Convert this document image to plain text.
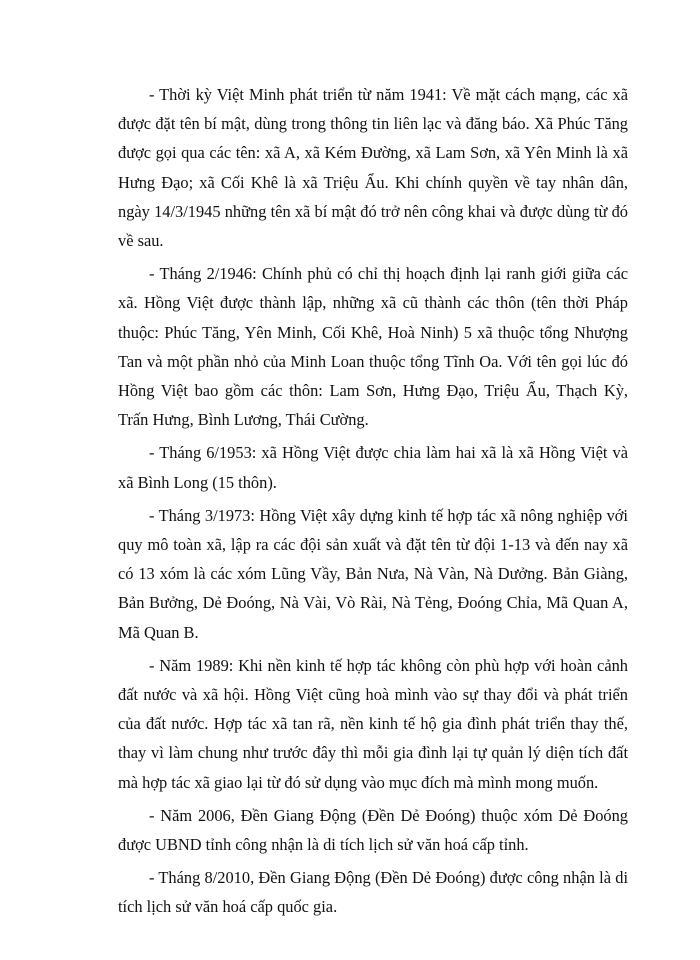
- Thời kỳ Việt Minh phát triển từ năm 1941: Về mặt cách mạng, các xã được đặt tên bí mật, dùng trong thông tin liên lạc và đăng báo. Xã Phúc Tăng được gọi qua các tên: xã A, xã Kém Đường, xã Lam Sơn, xã Yên Minh là xã Hưng Đạo; xã Cối Khê là xã Triệu Ẩu. Khi chính quyền về tay nhân dân, ngày 14/3/1945 những tên xã bí mật đó trở nên công khai và được dùng từ đó về sau.

- Tháng 2/1946: Chính phủ có chỉ thị hoạch định lại ranh giới giữa các xã. Hồng Việt được thành lập, những xã cũ thành các thôn (tên thời Pháp thuộc: Phúc Tăng, Yên Minh, Cối Khê, Hoà Ninh) 5 xã thuộc tổng Nhượng Tan và một phần nhỏ của Minh Loan thuộc tổng Tĩnh Oa. Với tên gọi lúc đó Hồng Việt bao gồm các thôn: Lam Sơn, Hưng Đạo, Triệu Ẩu, Thạch Kỳ, Trấn Hưng, Bình Lương, Thái Cường.

- Tháng 6/1953: xã Hồng Việt được chia làm hai xã là xã Hồng Việt và xã Bình Long (15 thôn).

- Tháng 3/1973: Hồng Việt xây dựng kinh tế hợp tác xã nông nghiệp với quy mô toàn xã, lập ra các đội sản xuất và đặt tên từ đội 1-13 và đến nay xã có 13 xóm là các xóm Lũng Vầy, Bản Nưa, Nà Vàn, Nà Dưởng. Bản Giàng, Bản Bưởng, Dẻ Đoóng, Nà Vài, Vò Rài, Nà Tẻng, Đoóng Chỉa, Mã Quan A, Mã Quan B.

- Năm 1989: Khi nền kinh tế hợp tác không còn phù hợp với hoàn cảnh đất nước và xã hội. Hồng Việt cũng hoà mình vào sự thay đổi và phát triển của đất nước. Hợp tác xã tan rã, nền kinh tế hộ gia đình phát triển thay thế, thay vì làm chung như trước đây thì mỗi gia đình lại tự quản lý diện tích đất mà hợp tác xã giao lại từ đó sử dụng vào mục đích mà mình mong muốn.

- Năm 2006, Đền Giang Động (Đền Dẻ Đoóng) thuộc xóm Dẻ Đoóng được UBND tỉnh công nhận là di tích lịch sử văn hoá cấp tỉnh.

- Tháng 8/2010, Đền Giang Động (Đền Dẻ Đoóng) được công nhận là di tích lịch sử văn hoá cấp quốc gia.
